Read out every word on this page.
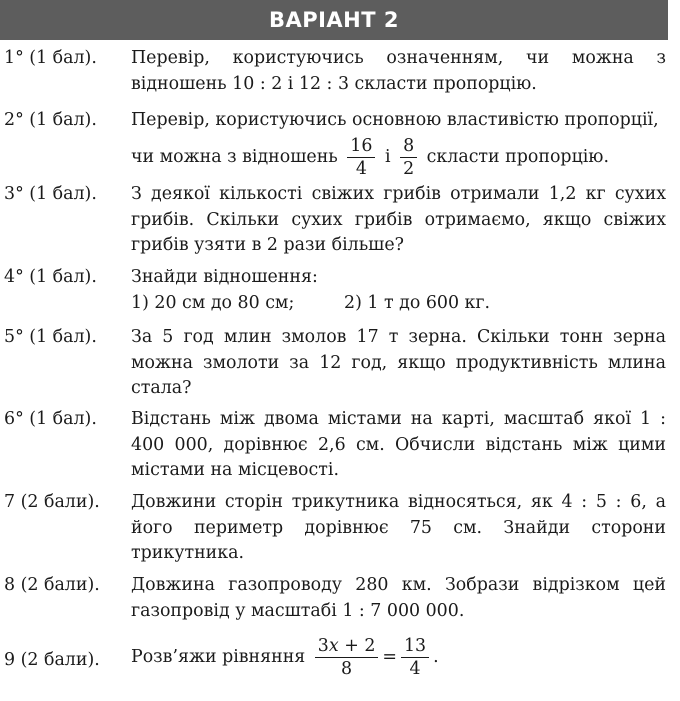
ВАРІАНТ 2
1° (1 бал). Перевір, користуючись означенням, чи можна з відношень 10 : 2 і 12 : 3 скласти пропорцію.
2° (1 бал). Перевір, користуючись основною властивістю пропорції,
чи можна з відношень $\frac{16}{4}$ і $\frac{8}{2}$ скласти пропорцію.
3° (1 бал). З деякої кількості свіжих грибів отримали 1,2 кг сухих грибів. Скільки сухих грибів отримаємо, якщо свіжих грибів узяти в 2 рази більше?
4° (1 бал). Знайди відношення:
1) 20 см до 80 см;	2) 1 т до 600 кг.
5° (1 бал). За 5 год млин змолов 17 т зерна. Скільки тонн зерна можна змолоти за 12 год, якщо продуктивність млина стала?
6° (1 бал). Відстань між двома містами на карті, масштаб якої 1 : 400 000, дорівнює 2,6 см. Обчисли відстань між цими містами на місцевості.
7 (2 бали). Довжини сторін трикутника відносяться, як 4 : 5 : 6, а його периметр дорівнює 75 см. Знайди сторони трикутника.
8 (2 бали). Довжина газопроводу 280 км. Зобрази відрізком цей газопровід у масштабі 1 : 7 000 000.
9 (2 бали). Розв’яжи рівняння $\frac{3x + 2}{8} = \frac{13}{4}$ .
